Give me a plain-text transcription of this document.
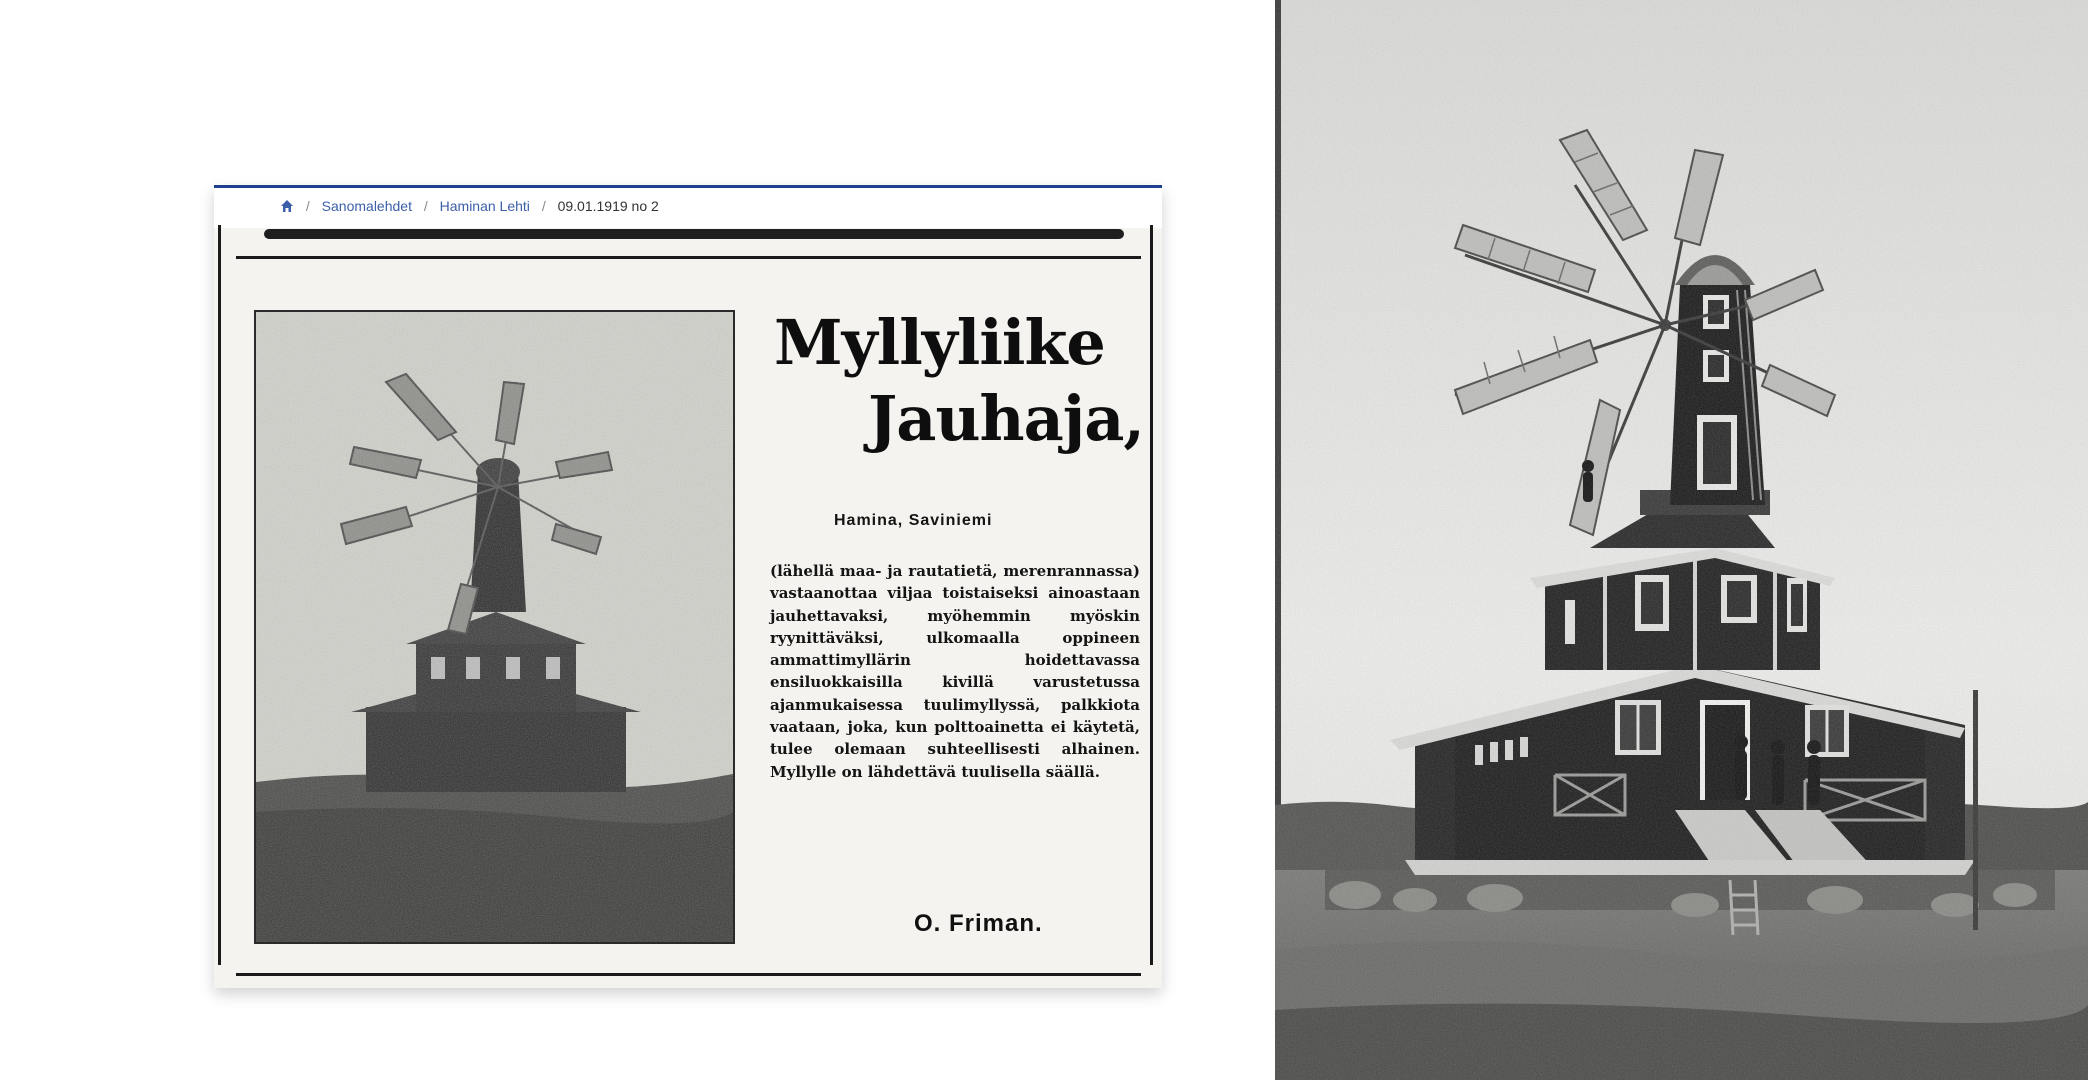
/ Sanomalehdet / Haminan Lehti / 09.01.1919 no 2
Myllyliike
Jauhaja,
Hamina, Saviniemi
(lähellä maa- ja rautatietä, merenrannassa) vastaanottaa viljaa toistaiseksi ainoastaan jauhettavaksi, myöhemmin myöskin ryynittäväksi, ulkomaalla oppineen ammattimyllärin hoidettavassa ensiluokkaisilla kivillä varustetussa ajanmukaisessa tuulimyllyssä, palkkiota vaataan, joka, kun polttoainetta ei käytetä, tulee olemaan suhteellisesti alhainen. Myllylle on lähdettävä tuulisella säällä.
O. Friman.
